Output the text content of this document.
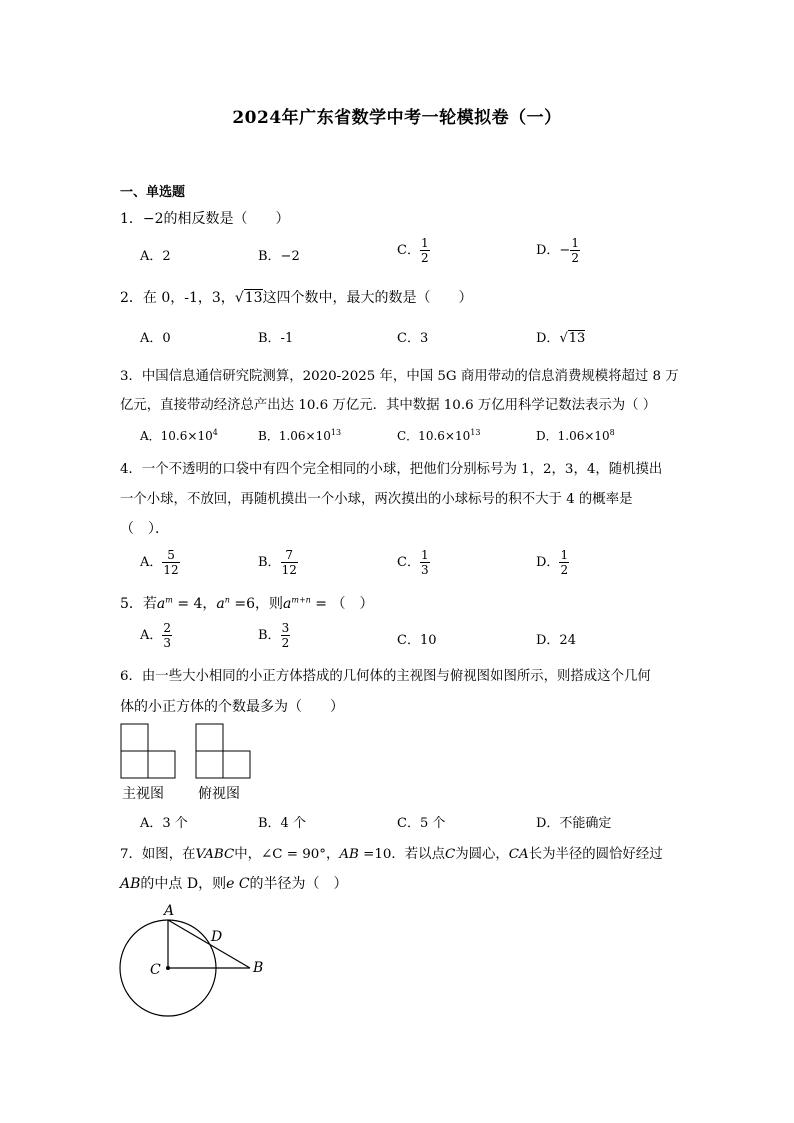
2024年广东省数学中考一轮模拟卷（一）
一、单选题
1．−2的相反数是（　　）
A．2	B．−2	C． $\frac{1}{2}$	D．− $\frac{1}{2}$
2．在 0，-1，3，√13这四个数中，最大的数是（　　）
A．0	B．-1	C．3	D．√13
3．中国信息通信研究院测算，2020-2025 年，中国 5G 商用带动的信息消费规模将超过 8 万
亿元，直接带动经济总产出达 10.6 万亿元．其中数据 10.6 万亿用科学记数法表示为（ ）
A．$10.6\times 10^4$	B．$1.06\times 10^{13}$	C．$10.6\times 10^{13}$	D．$1.06\times 10^8$
4．一个不透明的口袋中有四个完全相同的小球，把他们分别标号为 1，2，3，4，随机摸出
一个小球，不放回，再随机摸出一个小球，两次摸出的小球标号的积不大于 4 的概率是
（　）．
A． $\frac{5}{12}$	B． $\frac{7}{12}$	C． $\frac{1}{3}$	D． $\frac{1}{2}$
5．若$a^m = 4$，$a^n =6$，则$a^{m+n}$ = （　）
A． $\frac{2}{3}$	B． $\frac{3}{2}$	C．10	D．24
6．由一些大小相同的小正方体搭成的几何体的主视图与俯视图如图所示，则搭成这个几何
体的小正方体的个数最多为（　　）
主视图 俯视图
A．3 个	B．4 个	C．5 个	D．不能确定
7．如图，在VABC中，∠C = 90°，AB =10．若以点C为圆心，CA长为半径的圆恰好经过
AB的中点 D，则e C的半径为（　）
A
D
C	B
